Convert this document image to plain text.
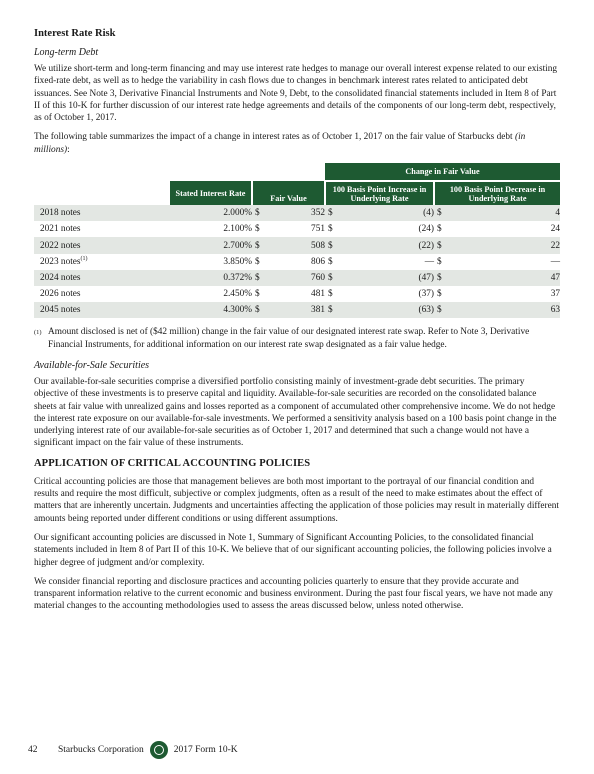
Interest Rate Risk
Long-term Debt

We utilize short-term and long-term financing and may use interest rate hedges to manage our overall interest expense related to our existing fixed-rate debt, as well as to hedge the variability in cash flows due to changes in benchmark interest rates related to anticipated debt issuances. See Note 3, Derivative Financial Instruments and Note 9, Debt, to the consolidated financial statements included in Item 8 of Part II of this 10-K for further discussion of our interest rate hedge agreements and details of the components of our long-term debt, respectively, as of October 1, 2017.

The following table summarizes the impact of a change in interest rates as of October 1, 2017 on the fair value of Starbucks debt (in millions):

				Change in Fair Value			
	Stated Interest Rate	Fair Value		100 Basis Point Increase in Underlying Rate		100 Basis Point Decrease in Underlying Rate	
2018 notes	2.000%	$	352	$	(4)	$	4
2021 notes	2.100%	$	751	$	(24)	$	24
2022 notes	2.700%	$	508	$	(22)	$	22
2023 notes$^{(1)}$	3.850%	$	806	$	—	$	—
2024 notes	0.372%	$	760	$	(47)	$	47
2026 notes	2.450%	$	481	$	(37)	$	37
2045 notes	4.300%	$	381	$	(63)	$	63
(1) Amount disclosed is net of ($42 million) change in the fair value of our designated interest rate swap. Refer to Note 3, Derivative Financial Instruments, for additional information on our interest rate swap designated as a fair value hedge.
Available-for-Sale Securities

Our available-for-sale securities comprise a diversified portfolio consisting mainly of investment-grade debt securities. The primary objective of these investments is to preserve capital and liquidity. Available-for-sale securities are recorded on the consolidated balance sheets at fair value with unrealized gains and losses reported as a component of accumulated other comprehensive income. We do not hedge the interest rate exposure on our available-for-sale investments. We performed a sensitivity analysis based on a 100 basis point change in the underlying interest rate of our available-for-sale securities as of October 1, 2017 and determined that such a change would not have a significant impact on the fair value of these instruments.

APPLICATION OF CRITICAL ACCOUNTING POLICIES

Critical accounting policies are those that management believes are both most important to the portrayal of our financial condition and results and require the most difficult, subjective or complex judgments, often as a result of the need to make estimates about the effect of matters that are inherently uncertain. Judgments and uncertainties affecting the application of those policies may result in materially different amounts being reported under different conditions or using different assumptions.

Our significant accounting policies are discussed in Note 1, Summary of Significant Accounting Policies, to the consolidated financial statements included in Item 8 of Part II of this 10-K. We believe that of our significant accounting policies, the following policies involve a higher degree of judgment and/or complexity.

We consider financial reporting and disclosure practices and accounting policies quarterly to ensure that they provide accurate and transparent information relative to the current economic and business environment. During the past four fiscal years, we have not made any material changes to the accounting methodologies used to assess the areas discussed below, unless noted otherwise.

42	Starbucks Corporation	2017 Form 10-K
